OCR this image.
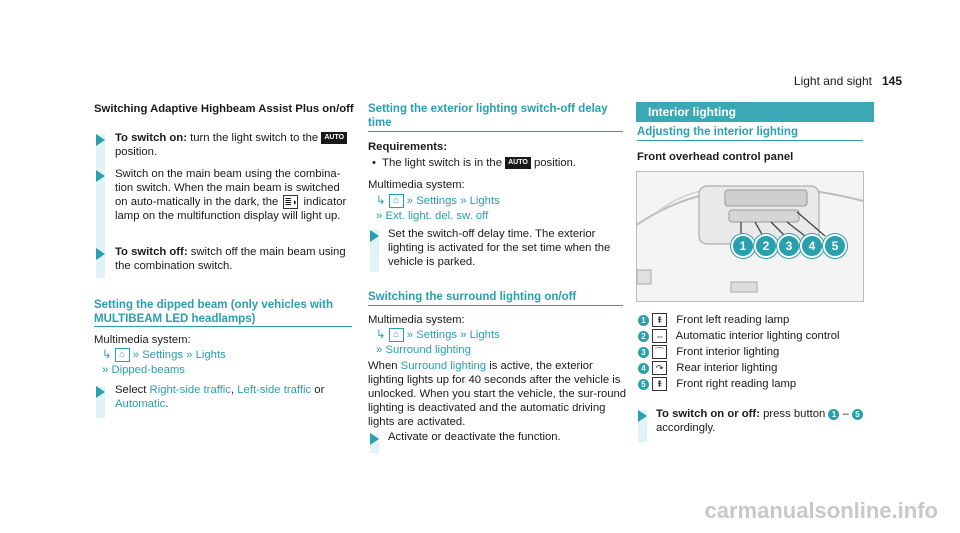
Light and sight 145
Switching Adaptive Highbeam Assist Plus on/off
To switch on: turn the light switch to the AUTO position.
Switch on the main beam using the combina-tion switch. When the main beam is switched on auto-matically in the dark, the ≣◗ indicator lamp on the multifunction display will light up.
To switch off: switch off the main beam using the combination switch.
Setting the dipped beam (only vehicles with
MULTIBEAM LED headlamps)
Multimedia system:
↳ ⌂ » Settings » Lights
» Dipped-beams
Select Right-side traffic, Left-side traffic or Automatic.
Setting the exterior lighting switch-off delay
time
Requirements:
• The light switch is in the AUTO position.
Multimedia system:
↳ ⌂ » Settings » Lights
» Ext. light. del. sw. off
Set the switch-off delay time. The exterior lighting is activated for the set time when the vehicle is parked.
Switching the surround lighting on/off
Multimedia system:
↳ ⌂ » Settings » Lights
» Surround lighting
When Surround lighting is active, the exterior lighting lights up for 40 seconds after the vehicle is unlocked. When you start the vehicle, the sur-round lighting is deactivated and the automatic driving lights are activated.
Activate or deactivate the function.
Interior lighting
Adjusting the interior lighting
Front overhead control panel
1	2	3	4	5
1 ⇞ Front left reading lamp
2 ⇔ Automatic interior lighting control
3 ⌒ Front interior lighting
4 ↷ Rear interior lighting
5 ⇞ Front right reading lamp
To switch on or off: press button 1 – 5 accordingly.
carmanualsonline.info
